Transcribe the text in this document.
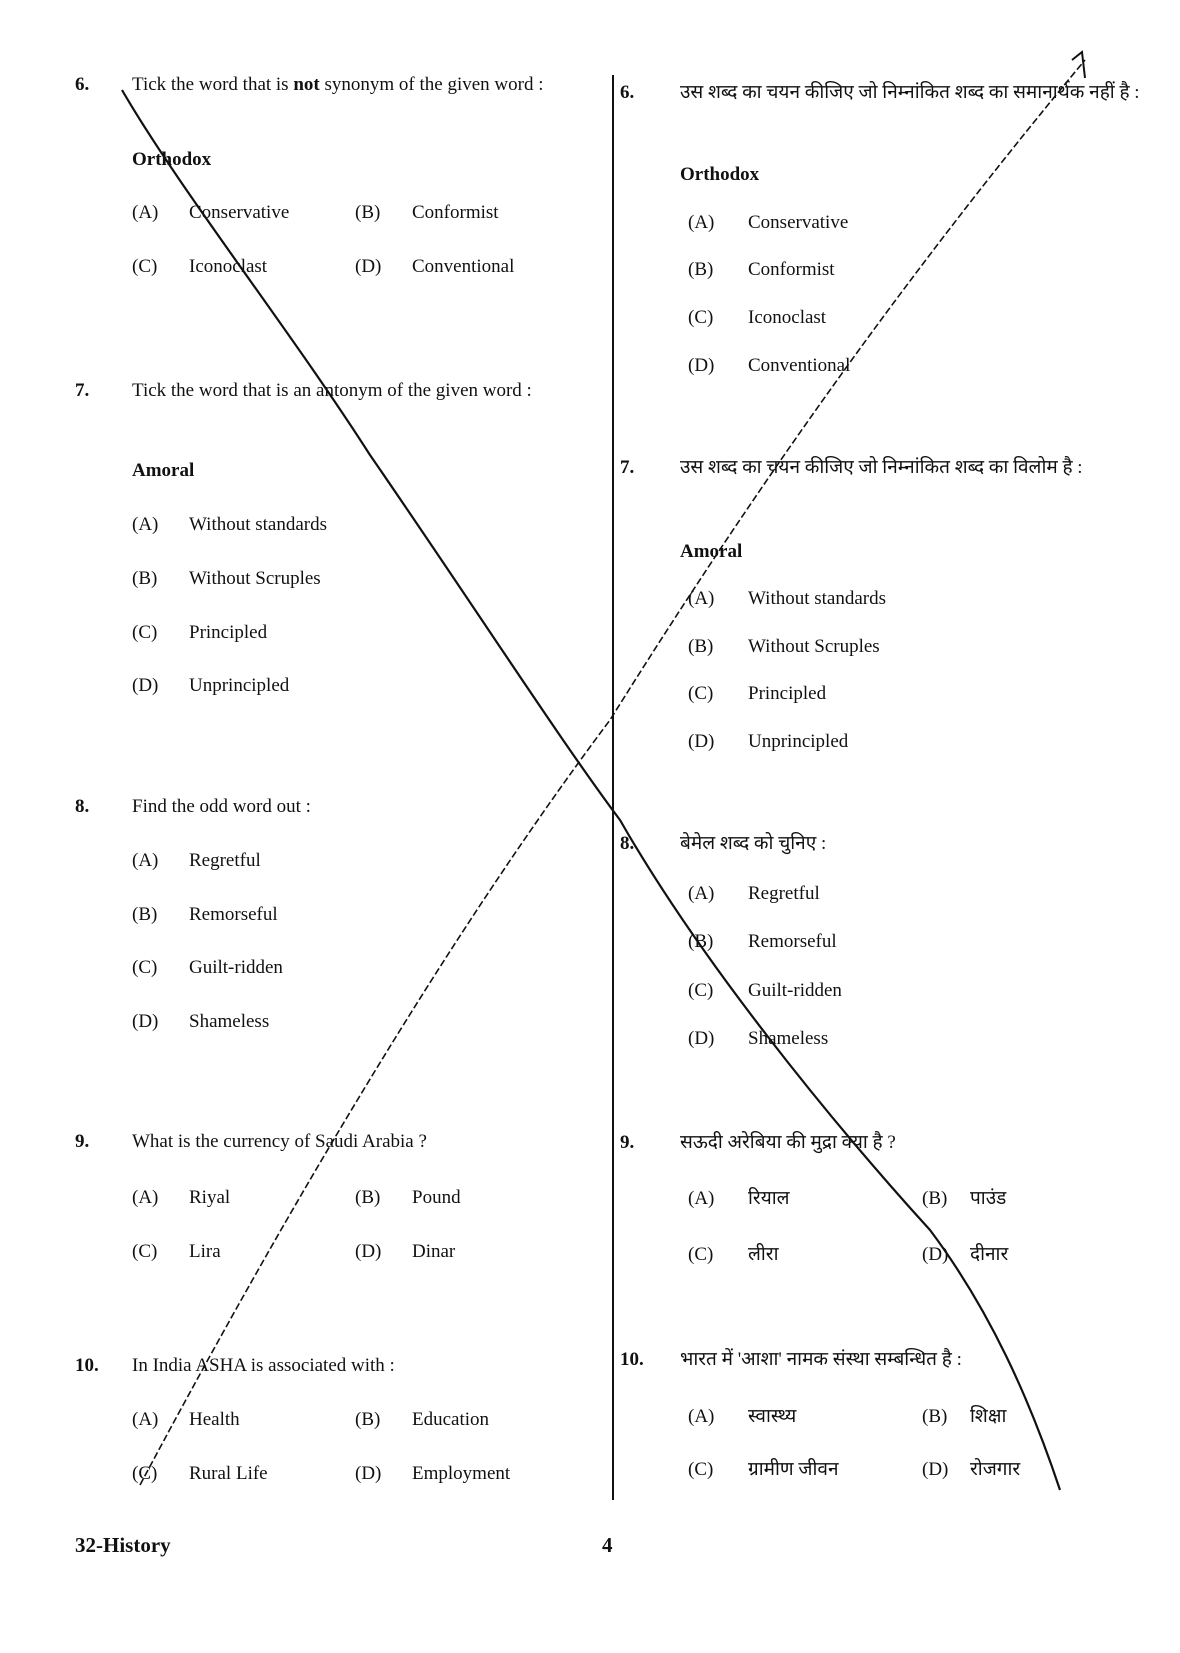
6. Tick the word that is not synonym of the given word :
Orthodox
(A) Conservative	(B) Conformist
(C) Iconoclast	(D) Conventional
7. Tick the word that is an antonym of the given word :
Amoral
(A) Without standards
(B) Without Scruples
(C) Principled
(D) Unprincipled
8. Find the odd word out :
(A) Regretful
(B) Remorseful
(C) Guilt-ridden
(D) Shameless
9. What is the currency of Saudi Arabia ?
(A) Riyal	(B) Pound
(C) Lira	(D) Dinar
10. In India ASHA is associated with :
(A) Health	(B) Education
(C) Rural Life	(D) Employment
6. उस शब्द का चयन कीजिए जो निम्नांकित शब्द का समानार्थक नहीं है :
Orthodox
(A) Conservative
(B) Conformist
(C) Iconoclast
(D) Conventional
7. उस शब्द का चयन कीजिए जो निम्नांकित शब्द का विलोम है :
Amoral
(A) Without standards
(B) Without Scruples
(C) Principled
(D) Unprincipled
8. बेमेल शब्द को चुनिए :
(A) Regretful
(B) Remorseful
(C) Guilt-ridden
(D) Shameless
9. सऊदी अरेबिया की मुद्रा क्या है ?
(A) रियाल	(B) पाउंड
(C) लीरा	(D) दीनार
10. भारत में 'आशा' नामक संस्था सम्बन्धित है :
(A) स्वास्थ्य	(B) शिक्षा
(C) ग्रामीण जीवन	(D) रोजगार
32-History	4
